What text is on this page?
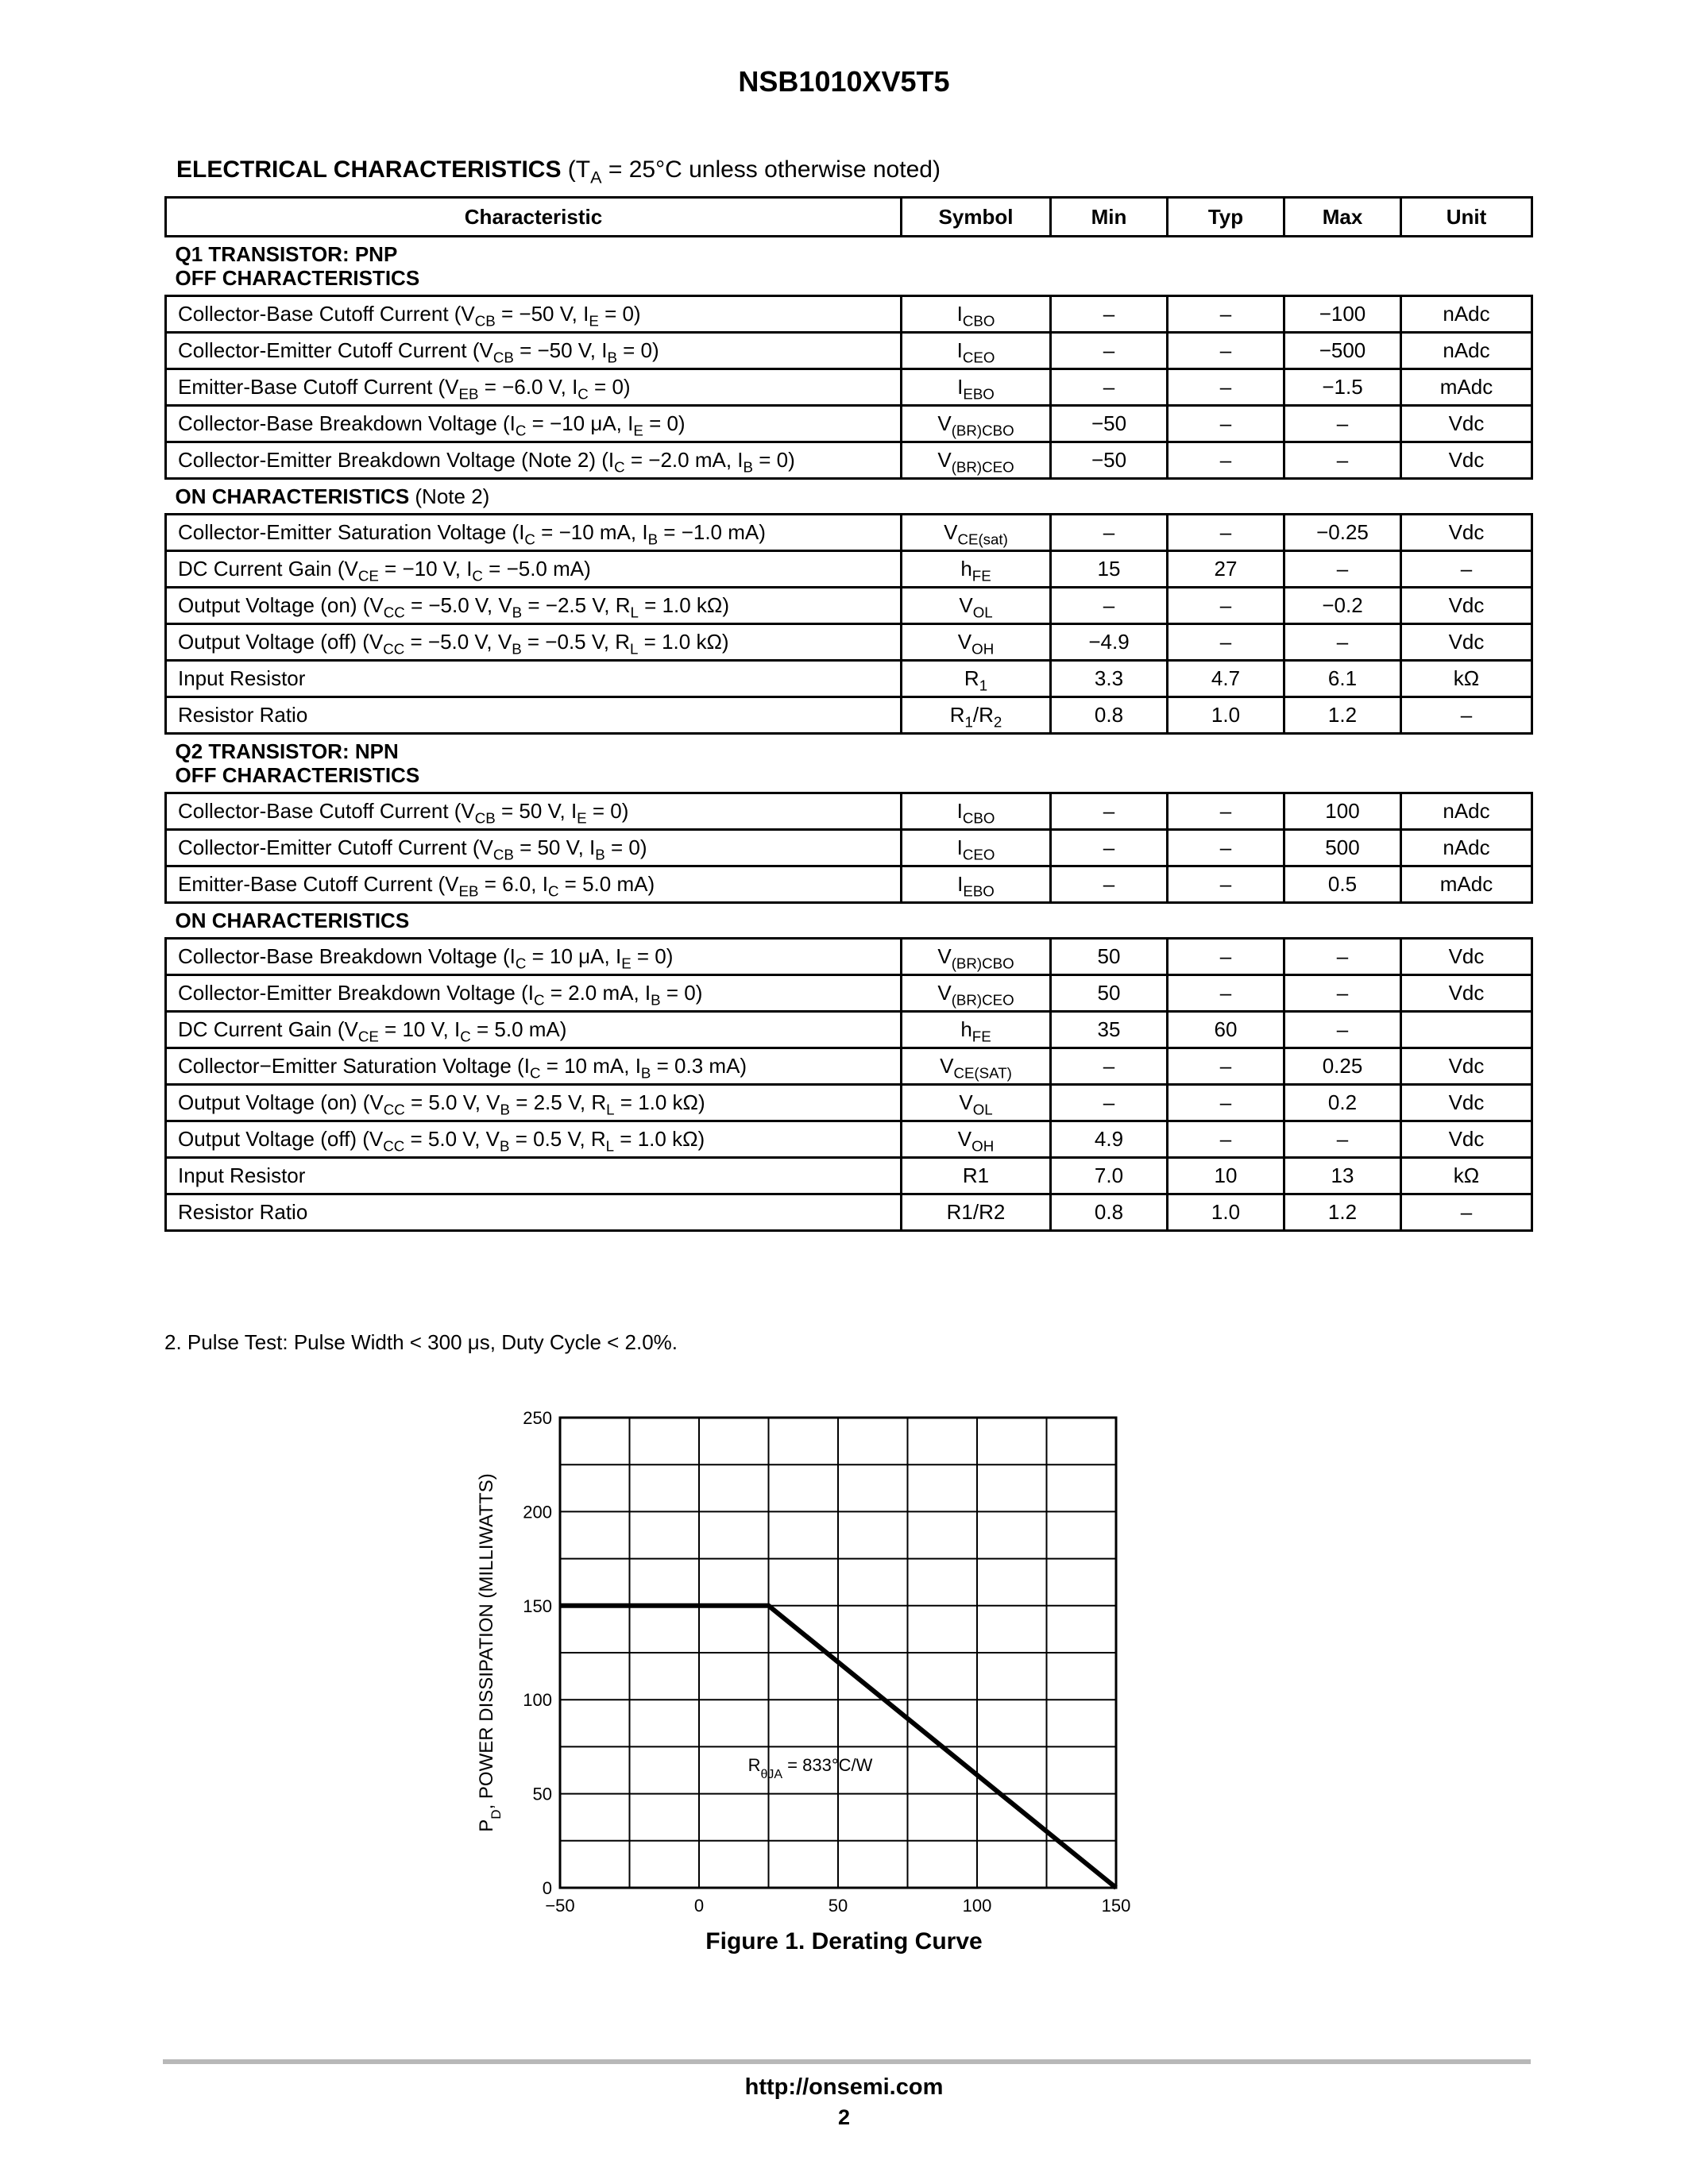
NSB1010XV5T5
ELECTRICAL CHARACTERISTICS ($T_A = 25^\circ C$ unless otherwise noted)
Characteristic	Symbol	Min	Typ	Max	Unit
Q1 TRANSISTOR: PNP
OFF CHARACTERISTICS					
Collector-Base Cutoff Current ($V_{CB} = -50$ V, $I_E = 0$)	$I_{CBO}$	–	–	−100	nAdc
Collector-Emitter Cutoff Current ($V_{CB} = -50$ V, $I_B = 0$)	$I_{CEO}$	–	–	−500	nAdc
Emitter-Base Cutoff Current ($V_{EB} = -6.0$ V, $I_C = 0$)	$I_{EBO}$	–	–	−1.5	mAdc
Collector-Base Breakdown Voltage ($I_C = -10$ μA, $I_E = 0$)	$V_{(BR)CBO}$	−50	–	–	Vdc
Collector-Emitter Breakdown Voltage (Note 2) ($I_C = -2.0$ mA, $I_B = 0$)	$V_{(BR)CEO}$	−50	–	–	Vdc
ON CHARACTERISTICS (Note 2)					
Collector-Emitter Saturation Voltage ($I_C = -10$ mA, $I_B = -1.0$ mA)	$V_{CE(sat)}$	–	–	−0.25	Vdc
DC Current Gain ($V_{CE} = -10$ V, $I_C = -5.0$ mA)	$h_{FE}$	15	27	–	–
Output Voltage (on) ($V_{CC} = -5.0$ V, $V_B = -2.5$ V, $R_L = 1.0$ kΩ)	$V_{OL}$	–	–	−0.2	Vdc
Output Voltage (off) ($V_{CC} = -5.0$ V, $V_B = -0.5$ V, $R_L = 1.0$ kΩ)	$V_{OH}$	−4.9	–	–	Vdc
Input Resistor	$R_1$	3.3	4.7	6.1	kΩ
Resistor Ratio	$R_1/R_2$	0.8	1.0	1.2	–
Q2 TRANSISTOR: NPN
OFF CHARACTERISTICS					
Collector-Base Cutoff Current ($V_{CB} = 50$ V, $I_E = 0$)	$I_{CBO}$	–	–	100	nAdc
Collector-Emitter Cutoff Current ($V_{CB} = 50$ V, $I_B = 0$)	$I_{CEO}$	–	–	500	nAdc
Emitter-Base Cutoff Current ($V_{EB} = 6.0$, $I_C = 5.0$ mA)	$I_{EBO}$	–	–	0.5	mAdc
ON CHARACTERISTICS					
Collector-Base Breakdown Voltage ($I_C = 10$ μA, $I_E = 0$)	$V_{(BR)CBO}$	50	–	–	Vdc
Collector-Emitter Breakdown Voltage ($I_C = 2.0$ mA, $I_B = 0$)	$V_{(BR)CEO}$	50	–	–	Vdc
DC Current Gain ($V_{CE} = 10$ V, $I_C = 5.0$ mA)	$h_{FE}$	35	60	–	
Collector−Emitter Saturation Voltage ($I_C = 10$ mA, $I_B = 0.3$ mA)	$V_{CE(SAT)}$	–	–	0.25	Vdc
Output Voltage (on) ($V_{CC} = 5.0$ V, $V_B = 2.5$ V, $R_L = 1.0$ kΩ)	$V_{OL}$	–	–	0.2	Vdc
Output Voltage (off) ($V_{CC} = 5.0$ V, $V_B = 0.5$ V, $R_L = 1.0$ kΩ)	$V_{OH}$	4.9	–	–	Vdc
Input Resistor	R1	7.0	10	13	kΩ
Resistor Ratio	R1/R2	0.8	1.0	1.2	–
2. Pulse Test: Pulse Width < 300 μs, Duty Cycle < 2.0%.
−50	0	50	100	150
0
50
100
150
200
250
$P_D$, POWER DISSIPATION (MILLIWATTS)	$R_{\theta JA} = 833^\circ C/W$
Figure 1. Derating Curve
http://onsemi.com
2
